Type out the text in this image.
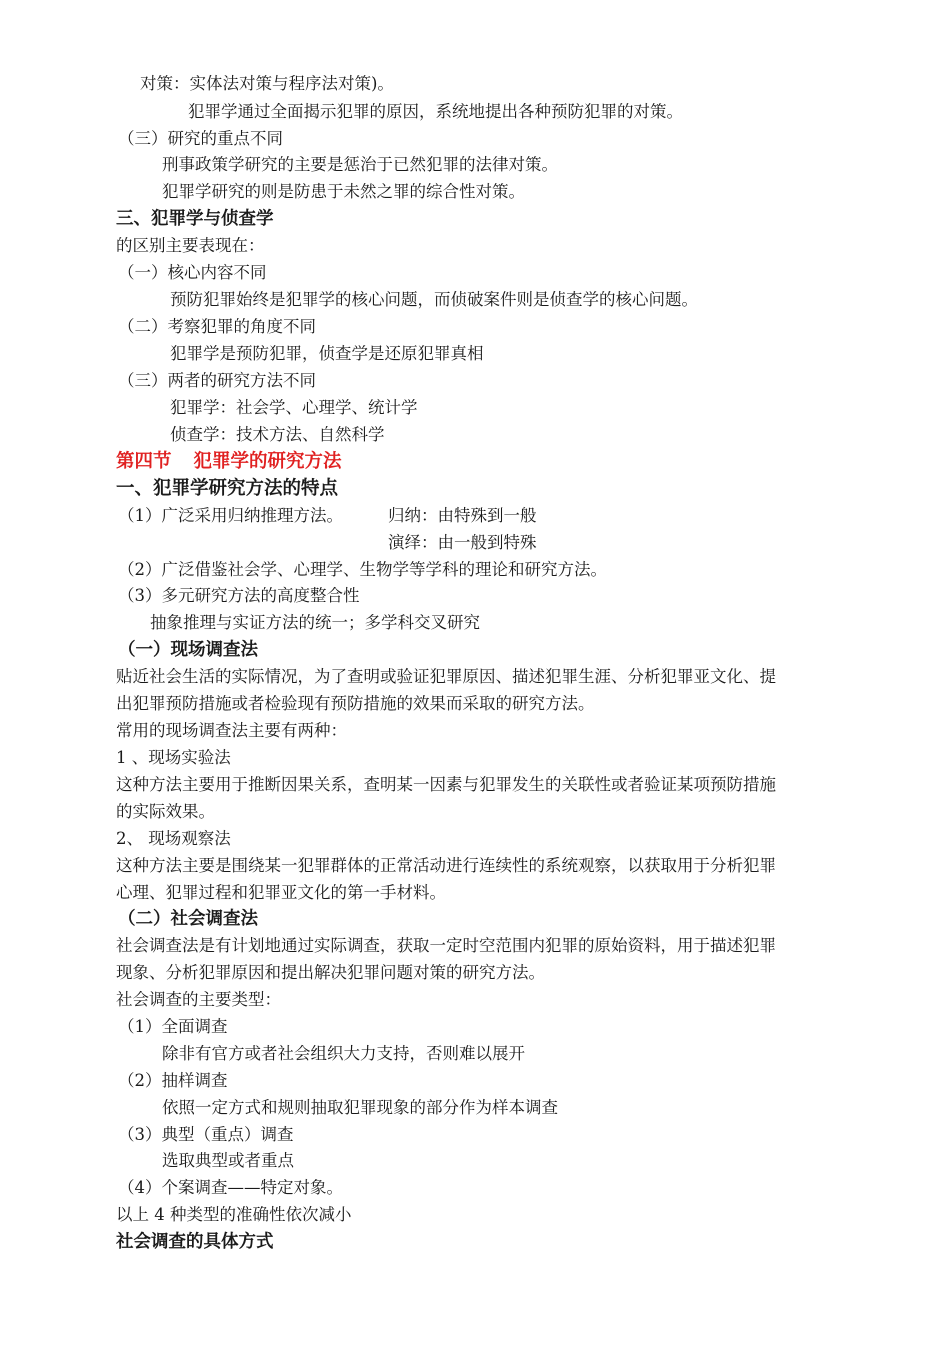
对策：实体法对策与程序法对策)。
犯罪学通过全面揭示犯罪的原因，系统地提出各种预防犯罪的对策。
（三）研究的重点不同
刑事政策学研究的主要是惩治于已然犯罪的法律对策。
犯罪学研究的则是防患于未然之罪的综合性对策。
三、犯罪学与侦查学
的区别主要表现在：
（一）核心内容不同
预防犯罪始终是犯罪学的核心问题，而侦破案件则是侦查学的核心问题。
（二）考察犯罪的角度不同
犯罪学是预防犯罪，侦查学是还原犯罪真相
（三）两者的研究方法不同
犯罪学：社会学、心理学、统计学
侦查学：技术方法、自然科学
第四节 犯罪学的研究方法
一、犯罪学研究方法的特点
（1）广泛采用归纳推理方法。	归纳：由特殊到一般
演绎：由一般到特殊
（2）广泛借鉴社会学、心理学、生物学等学科的理论和研究方法。
（3）多元研究方法的高度整合性
抽象推理与实证方法的统一；多学科交叉研究
（一）现场调查法
贴近社会生活的实际情况，为了查明或验证犯罪原因、描述犯罪生涯、分析犯罪亚文化、提
出犯罪预防措施或者检验现有预防措施的效果而采取的研究方法。
常用的现场调查法主要有两种：
1 、现场实验法
这种方法主要用于推断因果关系，查明某一因素与犯罪发生的关联性或者验证某项预防措施
的实际效果。
2、 现场观察法
这种方法主要是围绕某一犯罪群体的正常活动进行连续性的系统观察，以获取用于分析犯罪
心理、犯罪过程和犯罪亚文化的第一手材料。
（二）社会调查法
社会调查法是有计划地通过实际调查，获取一定时空范围内犯罪的原始资料，用于描述犯罪
现象、分析犯罪原因和提出解决犯罪问题对策的研究方法。
社会调查的主要类型：
（1）全面调查
除非有官方或者社会组织大力支持，否则难以展开
（2）抽样调查
依照一定方式和规则抽取犯罪现象的部分作为样本调查
（3）典型（重点）调查
选取典型或者重点
（4）个案调查——特定对象。
以上 4 种类型的准确性依次减小
社会调查的具体方式
